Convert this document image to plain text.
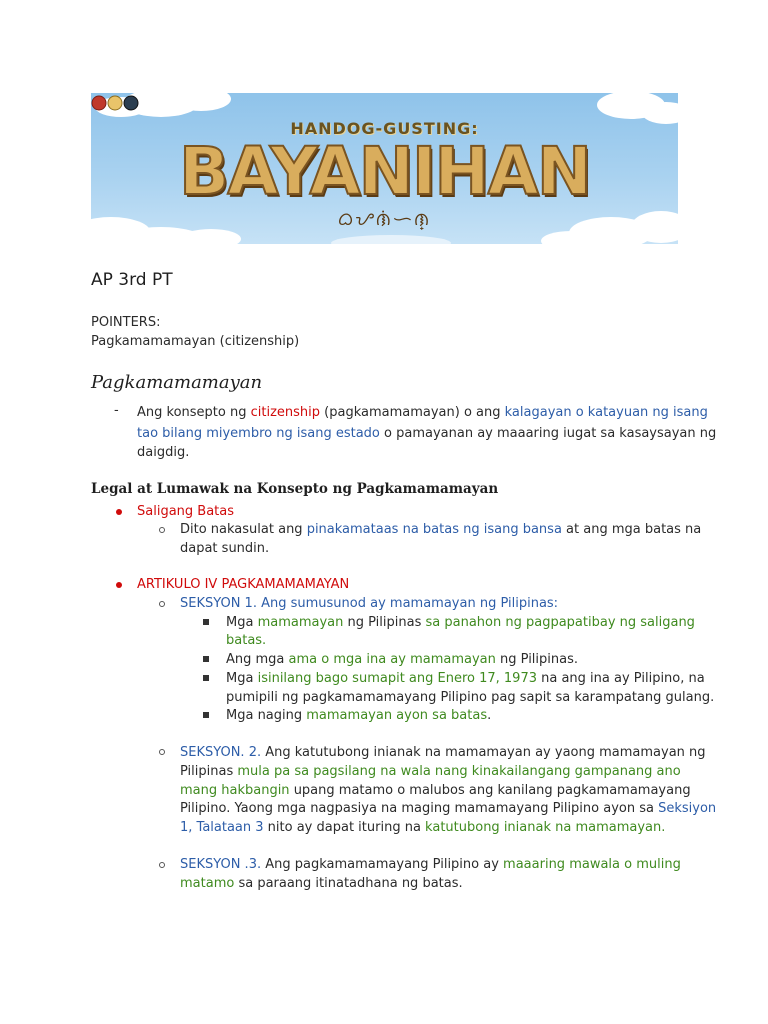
HANDOG-GUSTING:
BAYANIHAN
ᜊᜌᜈᜒᜑᜈ᜔
AP 3rd PT
POINTERS:
Pagkamamamayan (citizenship)
Pagkamamamayan
- Ang konsepto ng citizenship (pagkamamamayan) o ang kalagayan o katayuan ng isang
tao bilang miyembro ng isang estado o pamayanan ay maaaring iugat sa kasaysayan ng
daigdig.
Legal at Lumawak na Konsepto ng Pagkamamamayan
Saligang Batas
Dito nakasulat ang pinakamataas na batas ng isang bansa at ang mga batas na
dapat sundin.
ARTIKULO IV PAGKAMAMAMAYAN
SEKSYON 1. Ang sumusunod ay mamamayan ng Pilipinas:
Mga mamamayan ng Pilipinas sa panahon ng pagpapatibay ng saligang
batas.
Ang mga ama o mga ina ay mamamayan ng Pilipinas.
Mga isinilang bago sumapit ang Enero 17, 1973 na ang ina ay Pilipino, na
pumipili ng pagkamamamayang Pilipino pag sapit sa karampatang gulang.
Mga naging mamamayan ayon sa batas.
SEKSYON. 2. Ang katutubong inianak na mamamayan ay yaong mamamayan ng
Pilipinas mula pa sa pagsilang na wala nang kinakailangang gampanang ano
mang hakbangin upang matamo o malubos ang kanilang pagkamamamayang
Pilipino. Yaong mga nagpasiya na maging mamamayang Pilipino ayon sa Seksiyon
1, Talataan 3 nito ay dapat ituring na katutubong inianak na mamamayan.
SEKSYON .3. Ang pagkamamamayang Pilipino ay maaaring mawala o muling
matamo sa paraang itinatadhana ng batas.
